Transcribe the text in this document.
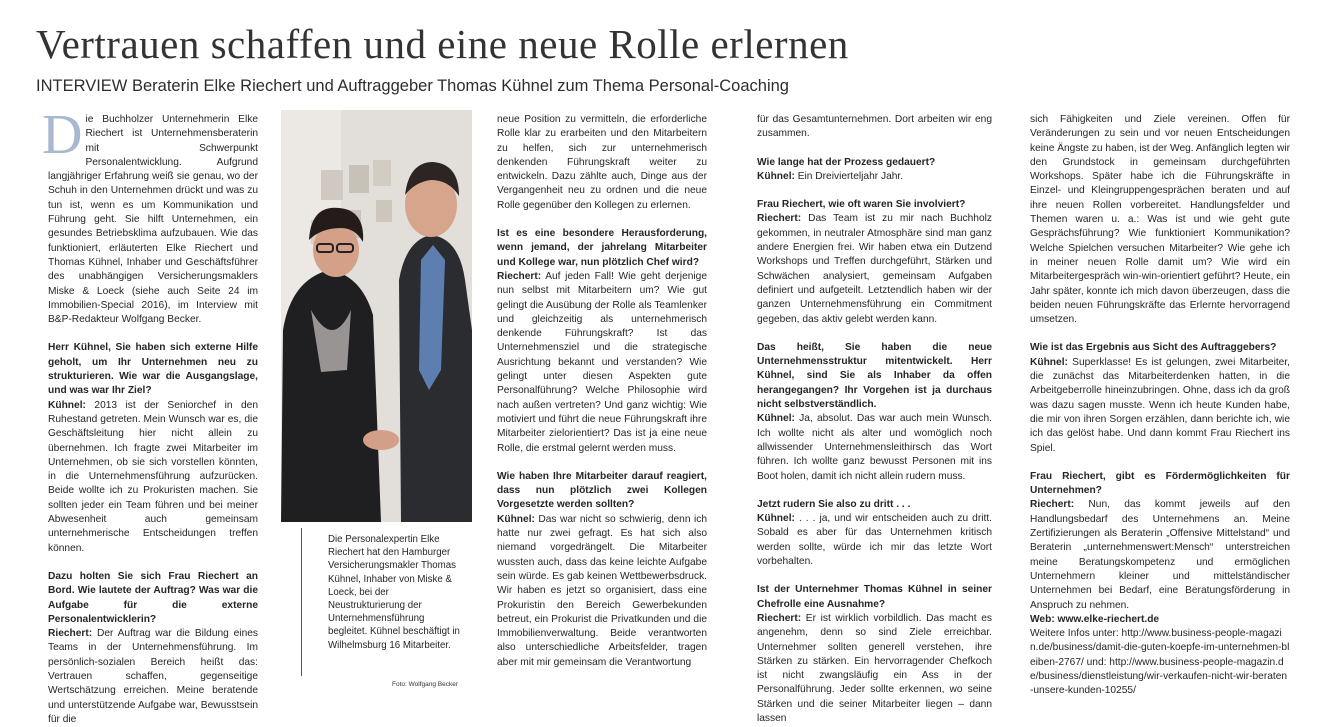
Vertrauen schaffen und eine neue Rolle erlernen
INTERVIEW Beraterin Elke Riechert und Auftraggeber Thomas Kühnel zum Thema Personal-Coaching

Die Buchholzer Unternehmerin Elke Riechert ist Unternehmensberaterin mit Schwerpunkt Personalentwicklung. Aufgrund langjähriger Erfahrung weiß sie genau, wo der Schuh in den Unternehmen drückt und was zu tun ist, wenn es um Kommunikation und Führung geht. Sie hilft Unternehmen, ein gesundes Betriebsklima aufzubauen. Wie das funktioniert, erläuterten Elke Riechert und Thomas Kühnel, Inhaber und Geschäftsführer des unabhängigen Versicherungsmaklers Miske & Loeck (siehe auch Seite 24 im Immobilien-Special 2016), im Interview mit B&P-Redakteur Wolfgang Becker.

Herr Kühnel, Sie haben sich externe Hilfe geholt, um Ihr Unternehmen neu zu strukturieren. Wie war die Ausgangslage, und was war Ihr Ziel?

Kühnel: 2013 ist der Seniorchef in den Ruhestand getreten. Mein Wunsch war es, die Geschäftsleitung hier nicht allein zu übernehmen. Ich fragte zwei Mitarbeiter im Unternehmen, ob sie sich vorstellen könnten, in die Unternehmensführung aufzurücken. Beide wollte ich zu Prokuristen machen. Sie sollten jeder ein Team führen und bei meiner Abwesenheit auch gemeinsam unternehmerische Entscheidungen treffen können.

Dazu holten Sie sich Frau Riechert an Bord. Wie lautete der Auftrag? Was war die Aufgabe für die externe Personalentwicklerin?

Riechert: Der Auftrag war die Bildung eines Teams in der Unternehmensführung. Im persönlich-sozialen Bereich heißt das: Vertrauen schaffen, gegenseitige Wertschätzung erreichen. Meine beratende und unterstützende Aufgabe war, Bewusstsein für die

Die Personalexpertin Elke Riechert hat den Hamburger Versicherungsmakler Thomas Kühnel, Inhaber von Miske & Loeck, bei der Neustrukturierung der Unternehmensführung begleitet. Kühnel beschäftigt in Wilhelmsburg 16 Mitarbeiter.
Foto: Wolfgang Becker

neue Position zu vermitteln, die erforderliche Rolle klar zu erarbeiten und den Mitarbeitern zu helfen, sich zur unternehmerisch denkenden Führungskraft weiter zu entwickeln. Dazu zählte auch, Dinge aus der Vergangenheit neu zu ordnen und die neue Rolle gegenüber den Kollegen zu erlernen.

Ist es eine besondere Herausforderung, wenn jemand, der jahrelang Mitarbeiter und Kollege war, nun plötzlich Chef wird?

Riechert: Auf jeden Fall! Wie geht derjenige nun selbst mit Mitarbeitern um? Wie gut gelingt die Ausübung der Rolle als Teamlenker und gleichzeitig als unternehmerisch denkende Führungskraft? Ist das Unternehmensziel und die strategische Ausrichtung bekannt und verstanden? Wie gelingt unter diesen Aspekten gute Personalführung? Welche Philosophie wird nach außen vertreten? Und ganz wichtig: Wie motiviert und führt die neue Führungskraft ihre Mitarbeiter zielorientiert? Das ist ja eine neue Rolle, die erstmal gelernt werden muss.

Wie haben Ihre Mitarbeiter darauf reagiert, dass nun plötzlich zwei Kollegen Vorgesetzte werden sollten?

Kühnel: Das war nicht so schwierig, denn ich hatte nur zwei gefragt. Es hat sich also niemand vorgedrängelt. Die Mitarbeiter wussten auch, dass das keine leichte Aufgabe sein würde. Es gab keinen Wettbewerbsdruck. Wir haben es jetzt so organisiert, dass eine Prokuristin den Bereich Gewerbekunden betreut, ein Prokurist die Privatkunden und die Immobilienverwaltung. Beide verantworten also unterschiedliche Arbeitsfelder, tragen aber mit mir gemeinsam die Verantwortung

für das Gesamtunternehmen. Dort arbeiten wir eng zusammen.

Wie lange hat der Prozess gedauert?

Kühnel: Ein Dreivierteljahr Jahr.

Frau Riechert, wie oft waren Sie involviert?

Riechert: Das Team ist zu mir nach Buchholz gekommen, in neutraler Atmosphäre sind man ganz andere Energien frei. Wir haben etwa ein Dutzend Workshops und Treffen durchgeführt, Stärken und Schwächen analysiert, gemeinsam Aufgaben definiert und aufgeteilt. Letztendlich haben wir der ganzen Unternehmensführung ein Commitment gegeben, das aktiv gelebt werden kann.

Das heißt, Sie haben die neue Unternehmensstruktur mitentwickelt. Herr Kühnel, sind Sie als Inhaber da offen herangegangen? Ihr Vorgehen ist ja durchaus nicht selbstverständlich.

Kühnel: Ja, absolut. Das war auch mein Wunsch. Ich wollte nicht als alter und womöglich noch allwissender Unternehmensleithirsch das Wort führen. Ich wollte ganz bewusst Personen mit ins Boot holen, damit ich nicht allein rudern muss.

Jetzt rudern Sie also zu dritt . . .

Kühnel: . . . ja, und wir entscheiden auch zu dritt. Sobald es aber für das Unternehmen kritisch werden sollte, würde ich mir das letzte Wort vorbehalten.

Ist der Unternehmer Thomas Kühnel in seiner Chefrolle eine Ausnahme?

Riechert: Er ist wirklich vorbildlich. Das macht es angenehm, denn so sind Ziele erreichbar. Unternehmer sollten generell verstehen, ihre Stärken zu stärken. Ein hervorragender Chefkoch ist nicht zwangsläufig ein Ass in der Personalführung. Jeder sollte erkennen, wo seine Stärken und die seiner Mitarbeiter liegen – dann lassen

sich Fähigkeiten und Ziele vereinen. Offen für Veränderungen zu sein und vor neuen Entscheidungen keine Ängste zu haben, ist der Weg. Anfänglich legten wir den Grundstock in gemeinsam durchgeführten Workshops. Später habe ich die Führungskräfte in Einzel- und Kleingruppengesprächen beraten und auf ihre neuen Rollen vorbereitet. Handlungsfelder und Themen waren u. a.: Was ist und wie geht gute Gesprächsführung? Wie funktioniert Kommunikation? Welche Spielchen versuchen Mitarbeiter? Wie gehe ich in meiner neuen Rolle damit um? Wie wird ein Mitarbeitergespräch win-win-orientiert geführt? Heute, ein Jahr später, konnte ich mich davon überzeugen, dass die beiden neuen Führungskräfte das Erlernte hervorragend umsetzen.

Wie ist das Ergebnis aus Sicht des Auftraggebers?

Kühnel: Superklasse! Es ist gelungen, zwei Mitarbeiter, die zunächst das Mitarbeiterdenken hatten, in die Arbeitgeberrolle hineinzubringen. Ohne, dass ich da groß was dazu sagen musste. Wenn ich heute Kunden habe, die mir von ihren Sorgen erzählen, dann berichte ich, wie ich das gelöst habe. Und dann kommt Frau Riechert ins Spiel.

Frau Riechert, gibt es Fördermöglichkeiten für Unternehmen?

Riechert: Nun, das kommt jeweils auf den Handlungsbedarf des Unternehmens an. Meine Zertifizierungen als Beraterin „Offensive Mittelstand“ und Beraterin „unternehmenswert:Mensch“ unterstreichen meine Beratungskompetenz und ermöglichen Unternehmern kleiner und mittelständischer Unternehmen bei Bedarf, eine Beratungsförderung in Anspruch zu nehmen.

Web: www.elke-riechert.de

Weitere Infos unter: http://www.business-people-magazin.de/business/damit-die-guten-koepfe-im-unternehmen-bleiben-2767/ und: http://www.business-people-magazin.de/business/dienstleistung/wir-verkaufen-nicht-wir-beraten-unsere-kunden-10255/
